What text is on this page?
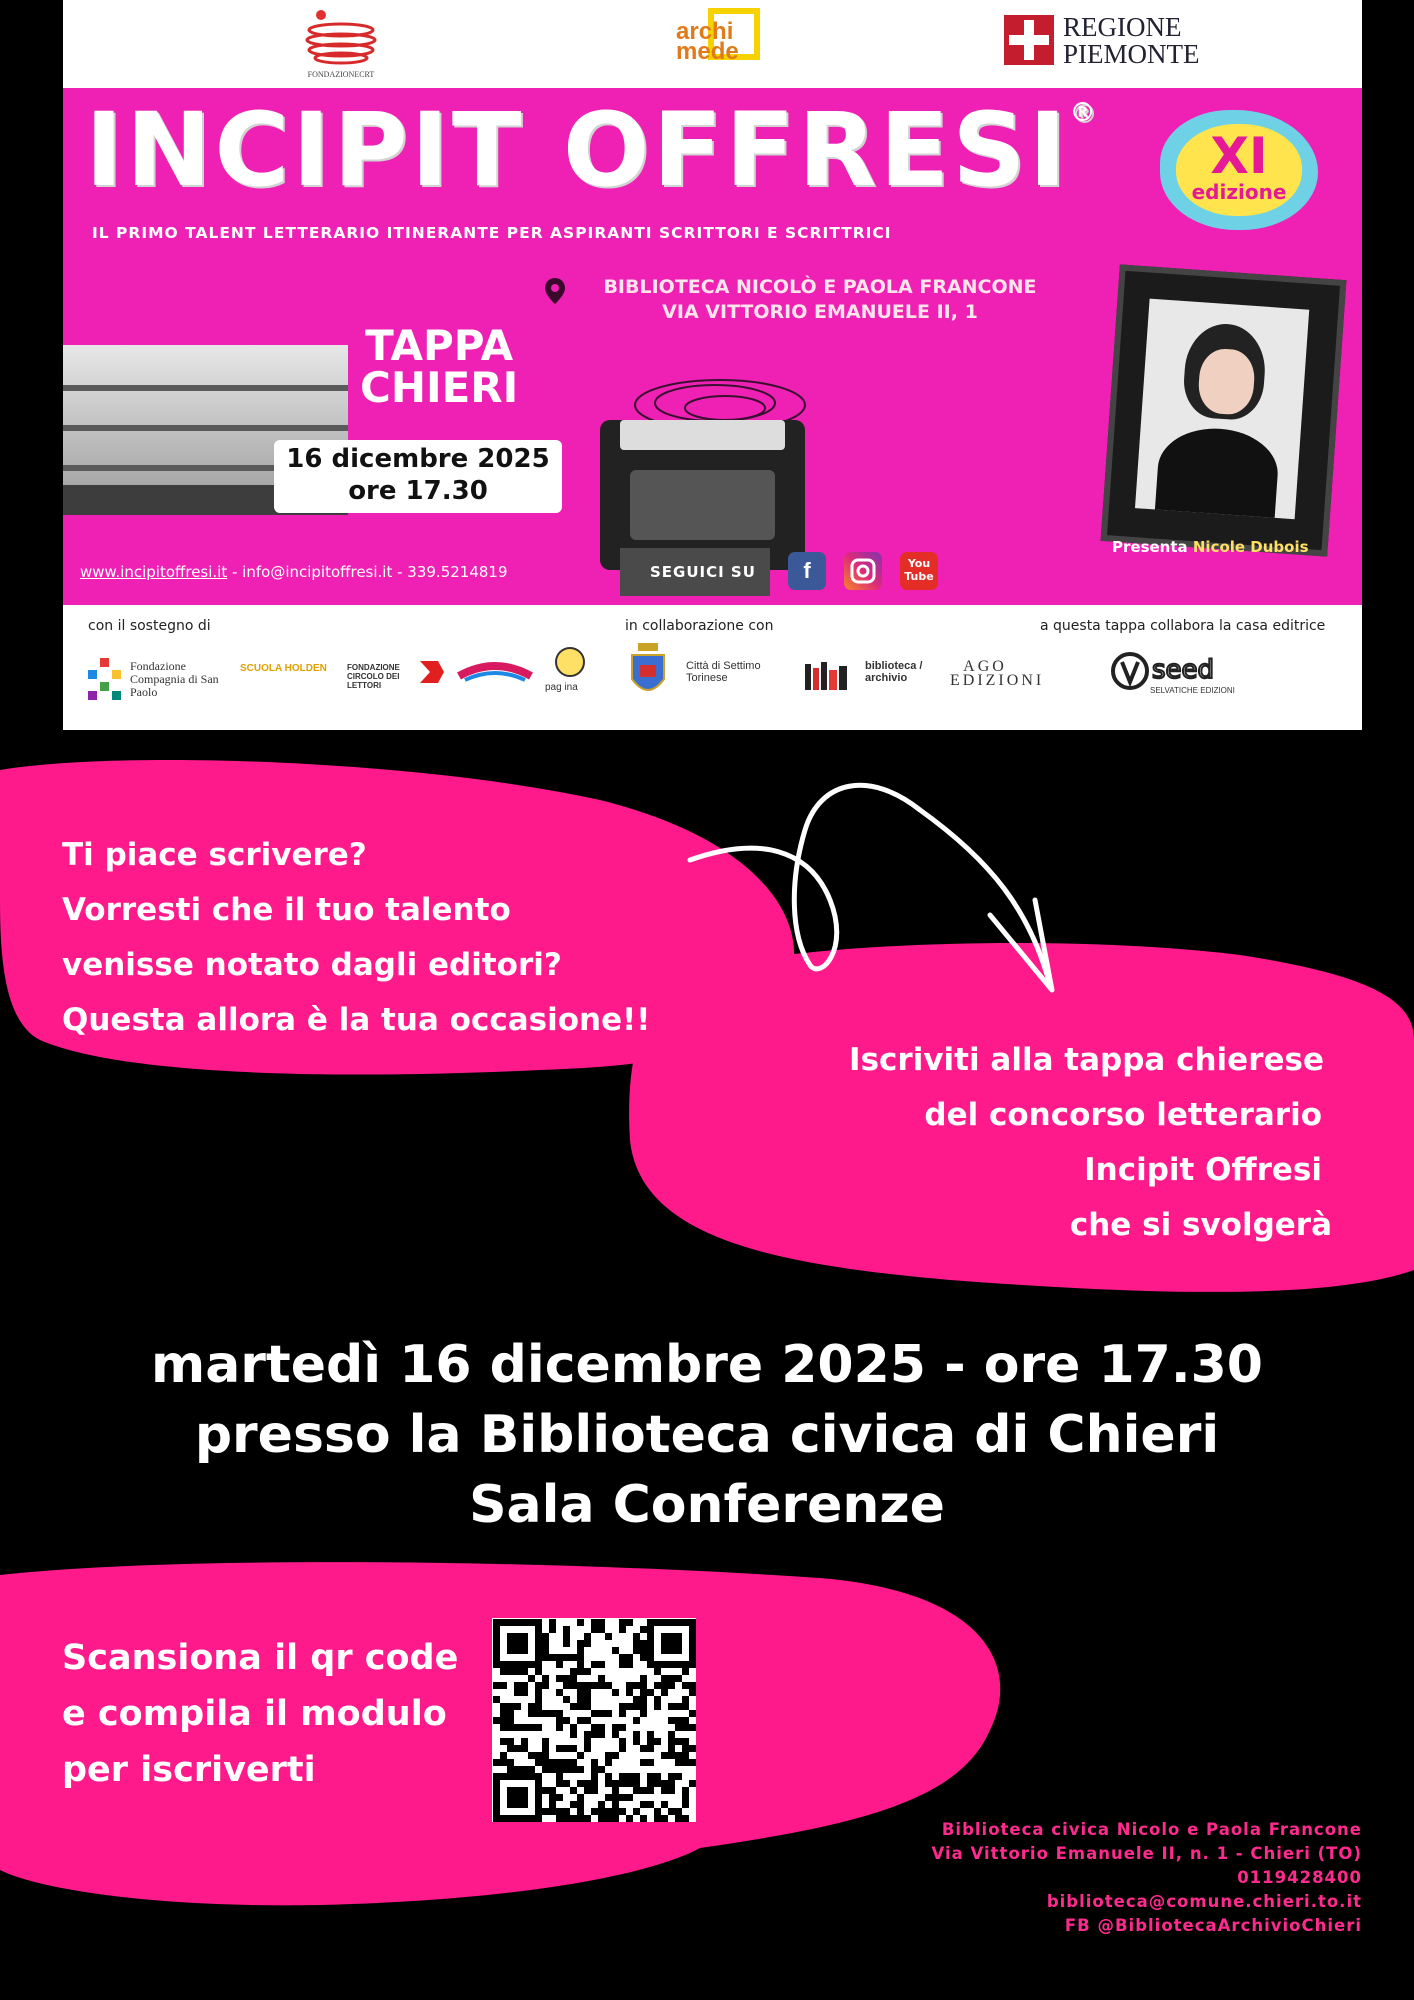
FONDAZIONECRT
archi mede
REGIONE PIEMONTE
INCIPIT OFFRESI®
IL PRIMO TALENT LETTERARIO ITINERANTE PER ASPIRANTI SCRITTORI E SCRITTRICI
XI
edizione
BIBLIOTECA NICOLÒ E PAOLA FRANCONE
VIA VITTORIO EMANUELE II, 1
TAPPA
CHIERI
16 dicembre 2025
ore 17.30
Presenta Nicole Dubois
www.incipitoffresi.it - info@incipitoffresi.it - 339.5214819	SEGUICI SU	f	You Tube
con il sostegno di	in collaborazione con	a questa tappa collabora la casa editrice
Fondazione Compagnia di San Paolo
SCUOLA HOLDEN	FONDAZIONE CIRCOLO DEI LETTORI	pag ina
Città di Settimo Torinese
biblioteca / archivio
AGO EDIZIONI	seed
SELVATICHE EDIZIONI
Ti piace scrivere?
Vorresti che il tuo talento
venisse notato dagli editori?
Questa allora è la tua occasione!!
Iscriviti alla tappa chierese
del concorso letterario
Incipit Offresi
che si svolgerà
martedì 16 dicembre 2025 - ore 17.30
presso la Biblioteca civica di Chieri
Sala Conferenze
Scansiona il qr code
e compila il modulo
per iscriverti
Biblioteca civica Nicolo e Paola Francone
Via Vittorio Emanuele II, n. 1 - Chieri (TO)
0119428400
biblioteca@comune.chieri.to.it
FB @BibliotecaArchivioChieri
